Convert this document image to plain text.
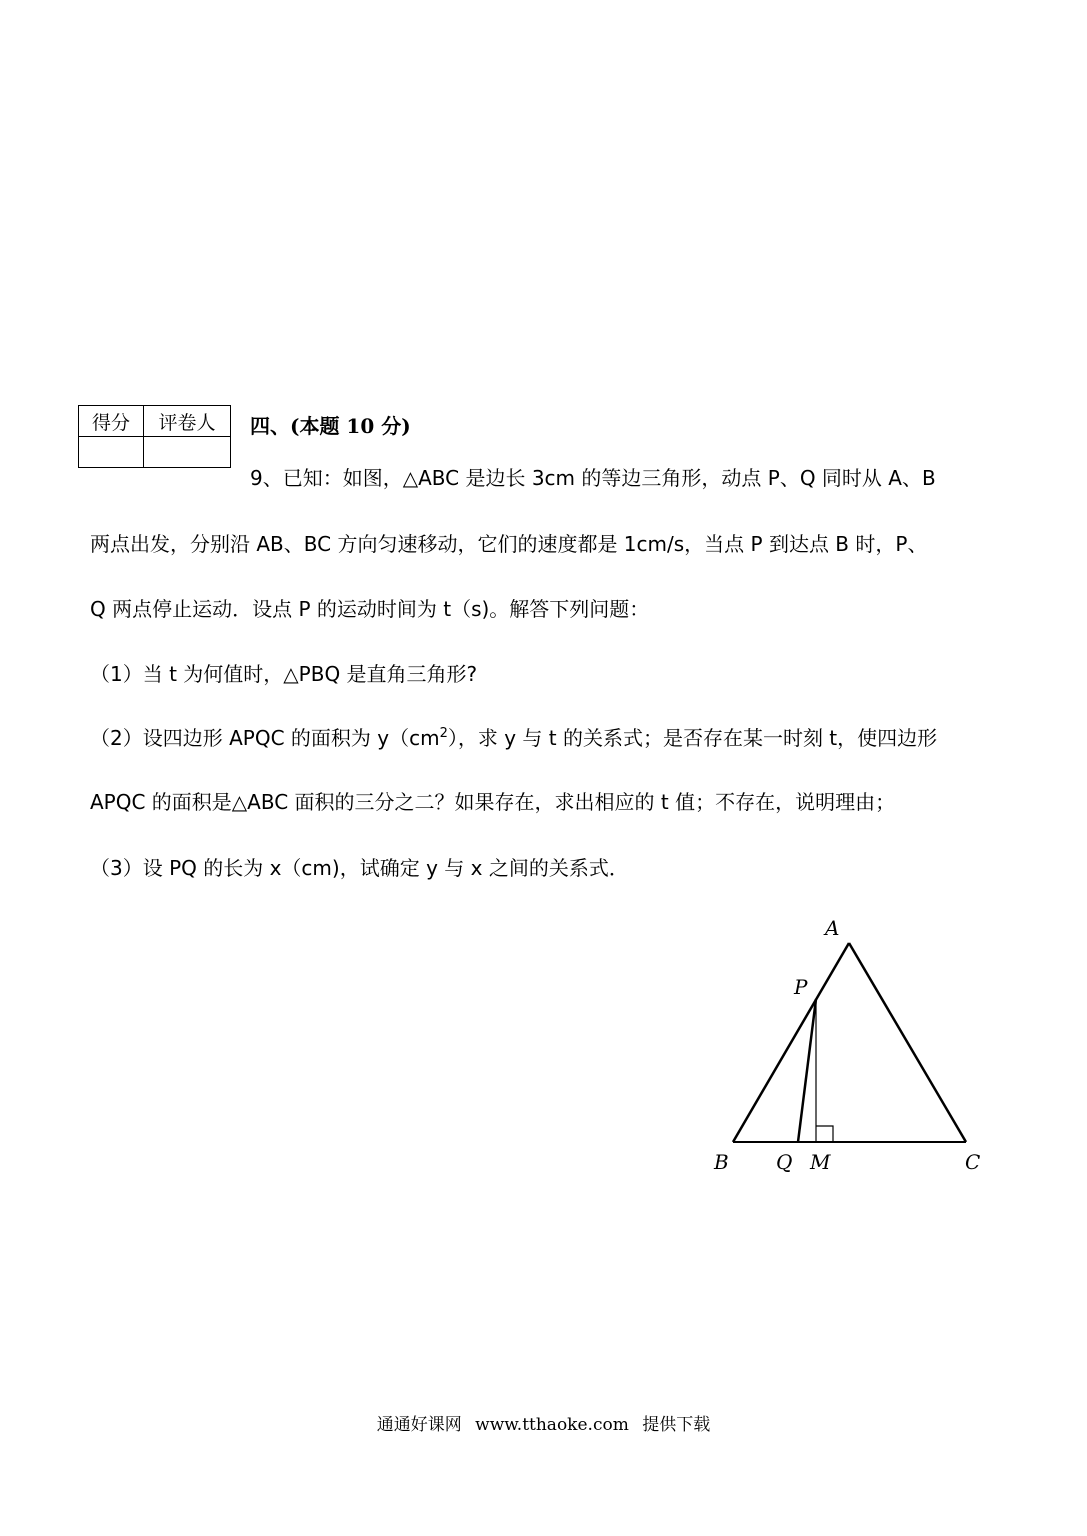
得分	评卷人
	四、(本题 10 分)
9、已知：如图，△ABC 是边长 3cm 的等边三角形，动点 P、Q 同时从 A、B
两点出发，分别沿 AB、BC 方向匀速移动，它们的速度都是 1cm/s，当点 P 到达点 B 时，P、
Q 两点停止运动．设点 P 的运动时间为 t（s)。解答下列问题：
（1）当 t 为何值时，△PBQ 是直角三角形?
（2）设四边形 APQC 的面积为 $y(cm^2)$，求 y 与 t 的关系式；是否存在某一时刻 t，使四边形
APQC 的面积是△ABC 面积的三分之二？如果存在，求出相应的 t 值；不存在，说明理由；
（3）设 PQ 的长为 x（cm)，试确定 y 与 x 之间的关系式．
A
P
B Q M	C
通通好课网 www.tthaoke.com 提供下载
